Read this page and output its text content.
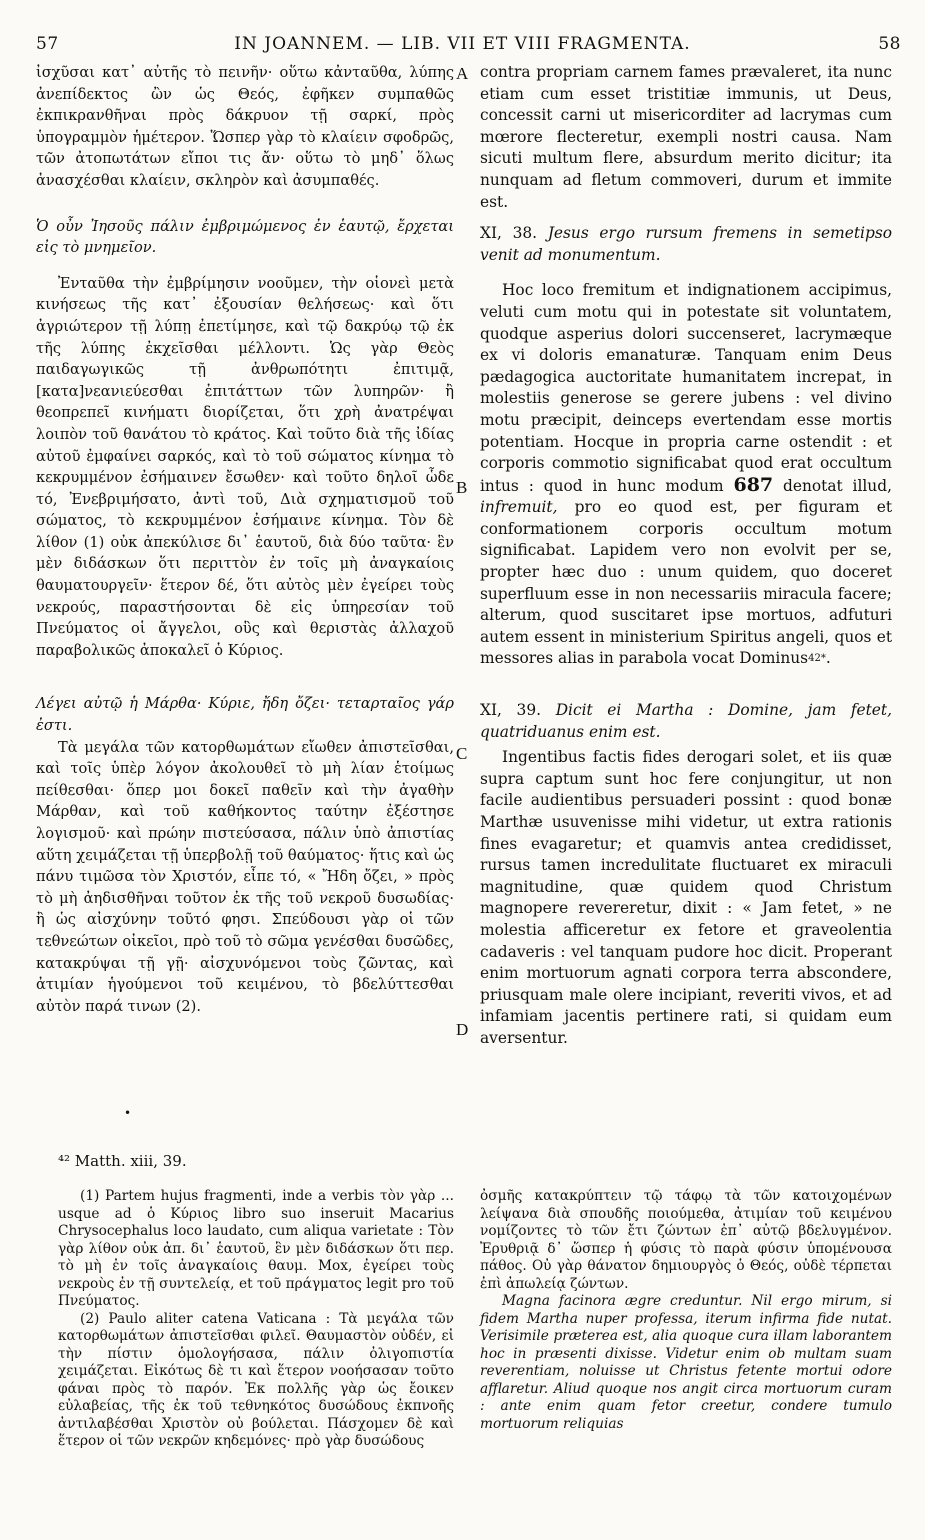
57	IN JOANNEM. — LIB. VII ET VIII FRAGMENTA.	58
A
B
C
D

ἰσχῦσαι κατ᾽ αὐτῆς τὸ πεινῆν· οὕτω κἀνταῦθα, λύπης ἀνεπίδεκτος ὢν ὡς Θεός, ἐφῆκεν συμπαθῶς ἐκπικρανθῆναι πρὸς δάκρυον τῇ σαρκί, πρὸς ὑπογραμμὸν ἡμέτερον. Ὥσπερ γὰρ τὸ κλαίειν σφοδρῶς, τῶν ἀτοπωτάτων εἴποι τις ἄν· οὕτω τὸ μηδ᾽ ὅλως ἀνασχέσθαι κλαίειν, σκληρὸν καὶ ἀσυμπαθές.

Ὁ οὖν Ἰησοῦς πάλιν ἐμβριμώμενος ἐν ἑαυτῷ, ἔρχεται εἰς τὸ μνημεῖον.

Ἐνταῦθα τὴν ἐμβρίμησιν νοοῦμεν, τὴν οἱονεὶ μετὰ κινήσεως τῆς κατ᾽ ἐξουσίαν θελήσεως· καὶ ὅτι ἀγριώτερον τῇ λύπῃ ἐπετίμησε, καὶ τῷ δακρύῳ τῷ ἐκ τῆς λύπης ἐκχεῖσθαι μέλλοντι. Ὡς γὰρ Θεὸς παιδαγωγικῶς τῇ ἀνθρωπότητι ἐπιτιμᾷ, [κατα]νεανιεύεσθαι ἐπιτάττων τῶν λυπηρῶν· ἢ θεοπρεπεῖ κινήματι διορίζεται, ὅτι χρὴ ἀνατρέψαι λοιπὸν τοῦ θανάτου τὸ κράτος. Καὶ τοῦτο διὰ τῆς ἰδίας αὐτοῦ ἐμφαίνει σαρκός, καὶ τὸ τοῦ σώματος κίνημα τὸ κεκρυμμένον ἐσήμαινεν ἔσωθεν· καὶ τοῦτο δηλοῖ ὧδε τό, Ἐνεβριμήσατο, ἀντὶ τοῦ, Διὰ σχηματισμοῦ τοῦ σώματος, τὸ κεκρυμμένον ἐσήμαινε κίνημα. Τὸν δὲ λίθον (1) οὐκ ἀπεκύλισε δι᾽ ἑαυτοῦ, διὰ δύο ταῦτα· ἓν μὲν διδάσκων ὅτι περιττὸν ἐν τοῖς μὴ ἀναγκαίοις θαυματουργεῖν· ἕτερον δέ, ὅτι αὐτὸς μὲν ἐγείρει τοὺς νεκρούς, παραστήσονται δὲ εἰς ὑπηρεσίαν τοῦ Πνεύματος οἱ ἄγγελοι, οὓς καὶ θεριστὰς ἀλλαχοῦ παραβολικῶς ἀποκαλεῖ ὁ Κύριος.

Λέγει αὐτῷ ἡ Μάρθα· Κύριε, ἤδη ὄζει· τεταρταῖος γάρ ἐστι.

Τὰ μεγάλα τῶν κατορθωμάτων εἴωθεν ἀπιστεῖσθαι, καὶ τοῖς ὑπὲρ λόγον ἀκολουθεῖ τὸ μὴ λίαν ἑτοίμως πείθεσθαι· ὅπερ μοι δοκεῖ παθεῖν καὶ τὴν ἀγαθὴν Μάρθαν, καὶ τοῦ καθήκοντος ταύτην ἐξέστησε λογισμοῦ· καὶ πρώην πιστεύσασα, πάλιν ὑπὸ ἀπιστίας αὕτη χειμάζεται τῇ ὑπερβολῇ τοῦ θαύματος· ἥτις καὶ ὡς πάνυ τιμῶσα τὸν Χριστόν, εἶπε τό, « Ἤδη ὄζει, » πρὸς τὸ μὴ ἀηδισθῆναι τοῦτον ἐκ τῆς τοῦ νεκροῦ δυσωδίας· ἢ ὡς αἰσχύνην τοῦτό φησι. Σπεύδουσι γὰρ οἱ τῶν τεθνεώτων οἰκεῖοι, πρὸ τοῦ τὸ σῶμα γενέσθαι δυσῶδες, κατακρύψαι τῇ γῇ· αἰσχυνόμενοι τοὺς ζῶντας, καὶ ἀτιμίαν ἡγούμενοι τοῦ κειμένου, τὸ βδελύττεσθαι αὐτὸν παρά τινων (2).

contra propriam carnem fames prævaleret, ita nunc etiam cum esset tristitiæ immunis, ut Deus, concessit carni ut misericorditer ad lacrymas cum mœrore flecteretur, exempli nostri causa. Nam sicuti multum flere, absurdum merito dicitur; ita nunquam ad fletum commoveri, durum et immite est.

XI, 38. Jesus ergo rursum fremens in semetipso venit ad monumentum.

Hoc loco fremitum et indignationem accipimus, veluti cum motu qui in potestate sit voluntatem, quodque asperius dolori succenseret, lacrymæque ex vi doloris emanaturæ. Tanquam enim Deus pædagogica auctoritate humanitatem increpat, in molestiis generose se gerere jubens : vel divino motu præcipit, deinceps evertendam esse mortis potentiam. Hocque in propria carne ostendit : et corporis commotio significabat quod erat occultum intus : quod in hunc modum 687 denotat illud, infremuit, pro eo quod est, per figuram et conformationem corporis occultum motum significabat. Lapidem vero non evolvit per se, propter hæc duo : unum quidem, quo doceret superfluum esse in non necessariis miracula facere; alterum, quod suscitaret ipse mortuos, adfuturi autem essent in ministerium Spiritus angeli, quos et messores alias in parabola vocat Dominus$^{42*}$.

XI, 39. Dicit ei Martha : Domine, jam fetet, quatriduanus enim est.

Ingentibus factis fides derogari solet, et iis quæ supra captum sunt hoc fere conjungitur, ut non facile audientibus persuaderi possint : quod bonæ Marthæ usuvenisse mihi videtur, ut extra rationis fines evagaretur; et quamvis antea credidisset, rursus tamen incredulitate fluctuaret ex miraculi magnitudine, quæ quidem quod Christum magnopere revereretur, dixit : « Jam fetet, » ne molestia afficeretur ex fetore et graveolentia cadaveris : vel tanquam pudore hoc dicit. Properant enim mortuorum agnati corpora terra abscondere, priusquam male olere incipiant, reveriti vivos, et ad infamiam jacentis pertinere rati, si quidam eum aversentur.

•
⁴² Matth. xiii, 39.

(1) Partem hujus fragmenti, inde a verbis τὸν γὰρ ... usque ad ὁ Κύριος libro suo inseruit Macarius Chrysocephalus loco laudato, cum aliqua varietate : Τὸν γὰρ λίθον οὐκ ἀπ. δι᾽ ἑαυτοῦ, ἓν μὲν διδάσκων ὅτι περ. τὸ μὴ ἐν τοῖς ἀναγκαίοις θαυμ. Mox, ἐγείρει τοὺς νεκροὺς ἐν τῇ συντελείᾳ, et τοῦ πράγματος legit pro τοῦ Πνεύματος.

(2) Paulo aliter catena Vaticana : Τὰ μεγάλα τῶν κατορθωμάτων ἀπιστεῖσθαι φιλεῖ. Θαυμαστὸν οὐδέν, εἰ τὴν πίστιν ὁμολογήσασα, πάλιν ὀλιγοπιστία χειμάζεται. Εἰκότως δὲ τι καὶ ἕτερον νοοήσασαν τοῦτο φάναι πρὸς τὸ παρόν. Ἐκ πολλῆς γὰρ ὡς ἔοικεν εὐλαβείας, τῆς ἐκ τοῦ τεθνηκότος δυσώδους ἐκπνοῆς ἀντιλαβέσθαι Χριστὸν οὐ βούλεται. Πάσχομεν δὲ καὶ ἕτερον οἱ τῶν νεκρῶν κηδεμόνες· πρὸ γὰρ δυσώδους

ὀσμῆς κατακρύπτειν τῷ τάφῳ τὰ τῶν κατοιχομένων λείψανα διὰ σπουδῆς ποιούμεθα, ἀτιμίαν τοῦ κειμένου νομίζοντες τὸ τῶν ἔτι ζώντων ἐπ᾽ αὐτῷ βδελυγμένον. Ἐρυθριᾷ δ᾽ ὥσπερ ἡ φύσις τὸ παρὰ φύσιν ὑπομένουσα πάθος. Οὐ γὰρ θάνατον δημιουργὸς ὁ Θεός, οὐδὲ τέρπεται ἐπὶ ἀπωλείᾳ ζώντων.

Magna facinora ægre creduntur. Nil ergo mirum, si fidem Martha nuper professa, iterum infirma fide nutat. Verisimile præterea est, alia quoque cura illam laborantem hoc in præsenti dixisse. Videtur enim ob multam suam reverentiam, noluisse ut Christus fetente mortui odore afflaretur. Aliud quoque nos angit circa mortuorum curam : ante enim quam fetor creetur, condere tumulo mortuorum reliquias
